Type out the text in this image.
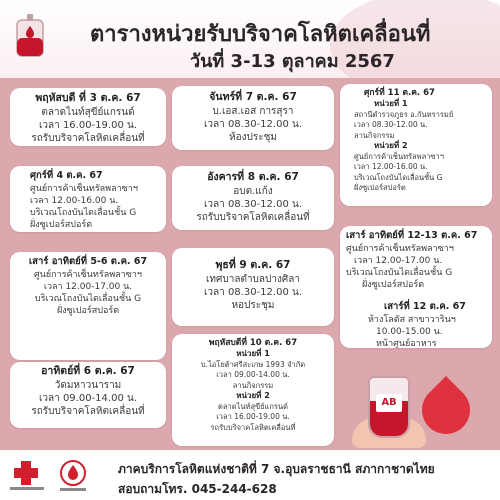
ตารางหน่วยรับบริจาคโลหิตเคลื่อนที่
วันที่ 3-13 ตุลาคม 2567
พฤหัสบดี ที่ 3 ต.ค. 67
ตลาดไนท์สุขีย์แกรนด์
เวลา 16.00-19.00 น.
รถรับบริจาคโลหิตเคลื่อนที่
ศุกร์ที่ 4 ต.ค. 67
ศูนย์การค้าเซ็นทรัลพลาซาฯ
เวลา 12.00-16.00 น.
บริเวณโถงบันไดเลื่อนชั้น G
ฝั่งซูเปอร์สปอร์ต
เสาร์ อาทิตย์ที่ 5-6 ต.ค. 67
ศูนย์การค้าเซ็นทรัลพลาซาฯ
เวลา 12.00-17.00 น.
บริเวณโถงบันไดเลื่อนชั้น G
ฝั่งซูเปอร์สปอร์ต
อาทิตย์ที่ 6 ต.ค. 67
วัดมหาวนาราม
เวลา 09.00-14.00 น.
รถรับบริจาคโลหิตเคลื่อนที่
จันทร์ที่ 7 ต.ค. 67
บ.เอส.เอส การสุรา
เวลา 08.30-12.00 น.
ห้องประชุม
อังคารที่ 8 ต.ค. 67
อบต.แก้ง
เวลา 08.30-12.00 น.
รถรับบริจาคโลหิตเคลื่อนที่
พุธที่ 9 ต.ค. 67
เทศบาลตำบลปางศิลา
เวลา 08.30-12.00 น.
หอประชุม
พฤหัสบดีที่ 10 ต.ค. 67
หน่วยที่ 1
บ.ไอโยต้าศรีสะเกษ 1993 จำกัด
เวลา 09.00-14.00 น.
ลานกิจกรรม
หน่วยที่ 2
ตลาดไนท์สุขีย์แกรนด์
เวลา 16.00-19.00 น.
รถรับบริจาคโลหิตเคลื่อนที่
ศุกร์ที่ 11 ต.ค. 67
หน่วยที่ 1
สถานีตำรวจภูธร อ.กันทรารมย์
เวลา 08.30-12.00 น.
ลานกิจกรรม
หน่วยที่ 2
ศูนย์การค้าเซ็นทรัลพลาซาฯ
เวลา 12.00-16.00 น.
บริเวณโถงบันไดเลื่อนชั้น G
ฝั่งซูเปอร์สปอร์ต
เสาร์ อาทิตย์ที่ 12-13 ต.ค. 67
ศูนย์การค้าเซ็นทรัลพลาซาฯ
เวลา 12.00-17.00 น.
บริเวณโถงบันไดเลื่อนชั้น G
ฝั่งซูเปอร์สปอร์ต
เสาร์ที่ 12 ต.ค. 67
ห้างโลตัส สาขาวารินฯ
10.00-15.00 น.
หน้าศูนย์อาหาร
AB
ภาคบริการโลหิตแห่งชาติที่ 7 จ.อุบลราชธานี สภากาชาดไทย
สอบถามโทร. 045-244-628
